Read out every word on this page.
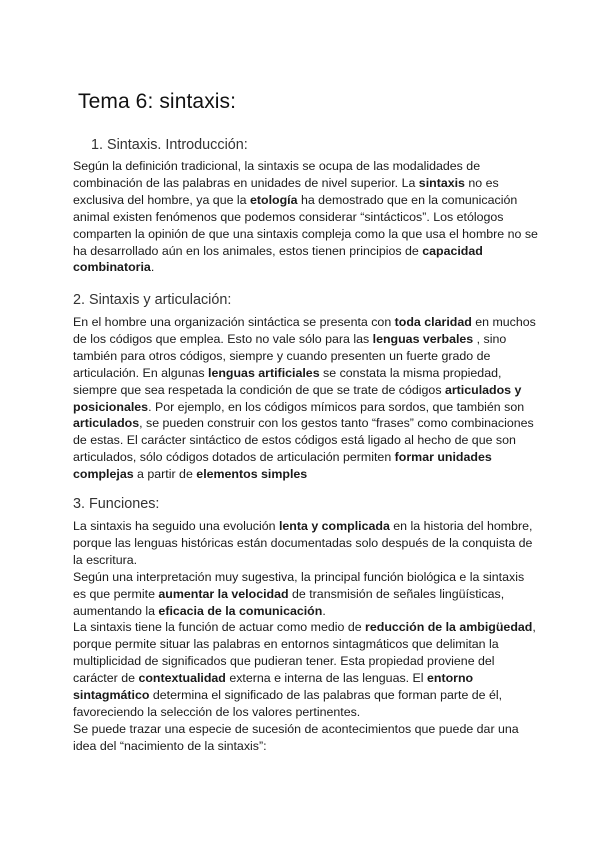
Tema 6: sintaxis:
1. Sintaxis. Introducción:
Según la definición tradicional, la sintaxis se ocupa de las modalidades de
combinación de las palabras en unidades de nivel superior. La sintaxis no es
exclusiva del hombre, ya que la etología ha demostrado que en la comunicación
animal existen fenómenos que podemos considerar “sintácticos”. Los etólogos
comparten la opinión de que una sintaxis compleja como la que usa el hombre no se
ha desarrollado aún en los animales, estos tienen principios de capacidad
combinatoria.
2. Sintaxis y articulación:
En el hombre una organización sintáctica se presenta con toda claridad en muchos
de los códigos que emplea. Esto no vale sólo para las lenguas verbales , sino
también para otros códigos, siempre y cuando presenten un fuerte grado de
articulación. En algunas lenguas artificiales se constata la misma propiedad,
siempre que sea respetada la condición de que se trate de códigos articulados y
posicionales. Por ejemplo, en los códigos mímicos para sordos, que también son
articulados, se pueden construir con los gestos tanto “frases” como combinaciones
de estas. El carácter sintáctico de estos códigos está ligado al hecho de que son
articulados, sólo códigos dotados de articulación permiten formar unidades
complejas a partir de elementos simples
3. Funciones:
La sintaxis ha seguido una evolución lenta y complicada en la historia del hombre,
porque las lenguas históricas están documentadas solo después de la conquista de
la escritura.
Según una interpretación muy sugestiva, la principal función biológica e la sintaxis
es que permite aumentar la velocidad de transmisión de señales lingüísticas,
aumentando la eficacia de la comunicación.
La sintaxis tiene la función de actuar como medio de reducción de la ambigüedad,
porque permite situar las palabras en entornos sintagmáticos que delimitan la
multiplicidad de significados que pudieran tener. Esta propiedad proviene del
carácter de contextualidad externa e interna de las lenguas. El entorno
sintagmático determina el significado de las palabras que forman parte de él,
favoreciendo la selección de los valores pertinentes.
Se puede trazar una especie de sucesión de acontecimientos que puede dar una
idea del “nacimiento de la sintaxis”:
